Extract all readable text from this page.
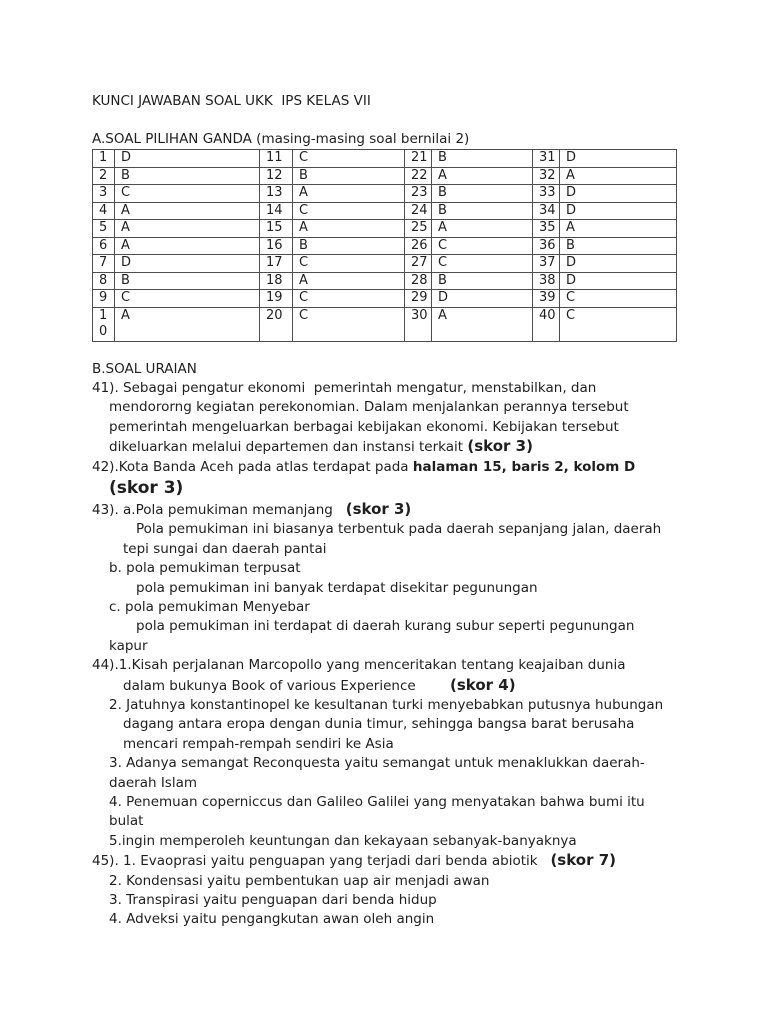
KUNCI JAWABAN SOAL UKK  IPS KELAS VII
A.SOAL PILIHAN GANDA (masing-masing soal bernilai 2)
1	D	11	C	21	B	31	D
2	B	12	B	22	A	32	A
3	C	13	A	23	B	33	D
4	A	14	C	24	B	34	D
5	A	15	A	25	A	35	A
6	A	16	B	26	C	36	B
7	D	17	C	27	C	37	D
8	B	18	A	28	B	38	D
9	C	19	C	29	D	39	C
10	A	20	C	30	A	40	C
B.SOAL URAIAN
41). Sebagai pengatur ekonomi  pemerintah mengatur, menstabilkan, dan
mendororng kegiatan perekonomian. Dalam menjalankan perannya tersebut
pemerintah mengeluarkan berbagai kebijakan ekonomi. Kebijakan tersebut
dikeluarkan melalui departemen dan instansi terkait (skor 3)
42).Kota Banda Aceh pada atlas terdapat pada halaman 15, baris 2, kolom D
(skor 3)
43). a.Pola pemukiman memanjang   (skor 3)
Pola pemukiman ini biasanya terbentuk pada daerah sepanjang jalan, daerah
tepi sungai dan daerah pantai
b. pola pemukiman terpusat
pola pemukiman ini banyak terdapat disekitar pegunungan
c. pola pemukiman Menyebar
pola pemukiman ini terdapat di daerah kurang subur seperti pegunungan
kapur
44).1.Kisah perjalanan Marcopollo yang menceritakan tentang keajaiban dunia
dalam bukunya Book of various Experience        (skor 4)
2. Jatuhnya konstantinopel ke kesultanan turki menyebabkan putusnya hubungan
dagang antara eropa dengan dunia timur, sehingga bangsa barat berusaha
mencari rempah-rempah sendiri ke Asia
3. Adanya semangat Reconquesta yaitu semangat untuk menaklukkan daerah-
daerah Islam
4. Penemuan coperniccus dan Galileo Galilei yang menyatakan bahwa bumi itu
bulat
5.ingin memperoleh keuntungan dan kekayaan sebanyak-banyaknya
45). 1. Evaoprasi yaitu penguapan yang terjadi dari benda abiotik   (skor 7)
2. Kondensasi yaitu pembentukan uap air menjadi awan
3. Transpirasi yaitu penguapan dari benda hidup
4. Adveksi yaitu pengangkutan awan oleh angin
